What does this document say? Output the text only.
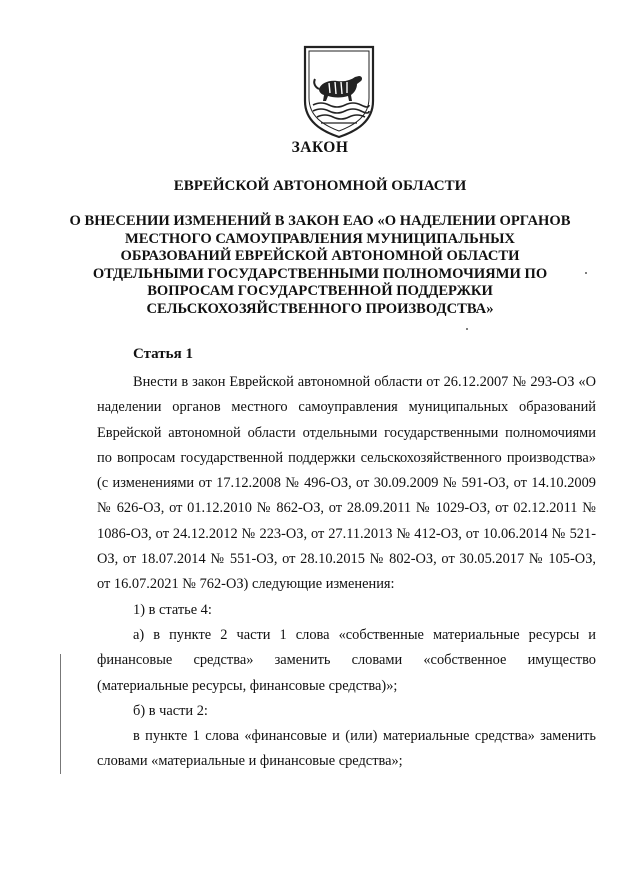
ЗАКОН
ЕВРЕЙСКОЙ АВТОНОМНОЙ ОБЛАСТИ
О ВНЕСЕНИИ ИЗМЕНЕНИЙ В ЗАКОН ЕАО «О НАДЕЛЕНИИ ОРГАНОВ
МЕСТНОГО САМОУПРАВЛЕНИЯ МУНИЦИПАЛЬНЫХ
ОБРАЗОВАНИЙ ЕВРЕЙСКОЙ АВТОНОМНОЙ ОБЛАСТИ
ОТДЕЛЬНЫМИ ГОСУДАРСТВЕННЫМИ ПОЛНОМОЧИЯМИ ПО
ВОПРОСАМ ГОСУДАРСТВЕННОЙ ПОДДЕРЖКИ
СЕЛЬСКОХОЗЯЙСТВЕННОГО ПРОИЗВОДСТВА»
Статья 1

Внести в закон Еврейской автономной области от 26.12.2007 № 293-ОЗ «О наделении органов местного самоуправления муниципальных образований Еврейской автономной области отдельными государственными полномочиями по вопросам государственной поддержки сельскохозяйственного производства» (с изменениями от 17.12.2008 № 496-ОЗ, от 30.09.2009 № 591-ОЗ, от 14.10.2009 № 626-ОЗ, от 01.12.2010 № 862-ОЗ, от 28.09.2011 № 1029-ОЗ, от 02.12.2011 № 1086-ОЗ, от 24.12.2012 № 223-ОЗ, от 27.11.2013 № 412-ОЗ, от 10.06.2014 № 521-ОЗ, от 18.07.2014 № 551-ОЗ, от 28.10.2015 № 802-ОЗ, от 30.05.2017 № 105-ОЗ, от 16.07.2021 № 762-ОЗ) следующие изменения:

1) в статье 4:

а) в пункте 2 части 1 слова «собственные материальные ресурсы и финансовые средства» заменить словами «собственное имущество (материальные ресурсы, финансовые средства)»;

б) в части 2:

в пункте 1 слова «финансовые и (или) материальные средства» заменить словами «материальные и финансовые средства»;
